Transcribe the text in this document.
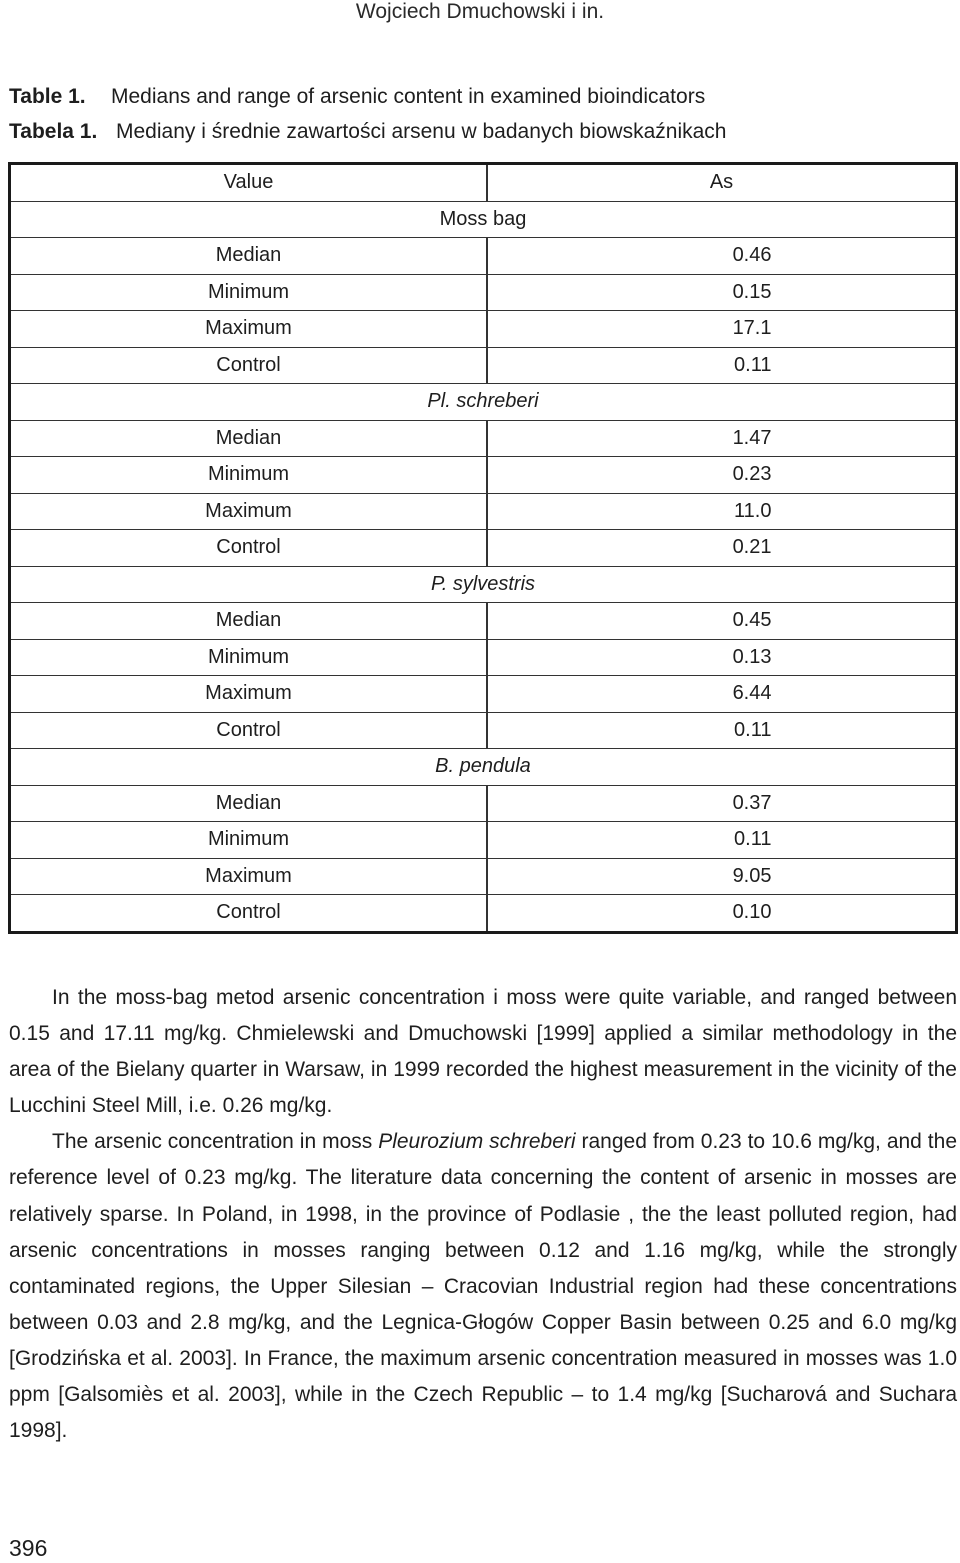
Wojciech Dmuchowski i in.
Table 1. Medians and range of arsenic content in examined bioindicators
Tabela 1. Mediany i średnie zawartości arsenu w badanych biowskaźnikach
Value	As
Moss bag	
Median	0.46
Minimum	0.15
Maximum	17.1
Control	0.11
Pl. schreberi	
Median	1.47
Minimum	0.23
Maximum	11.0
Control	0.21
P. sylvestris	
Median	0.45
Minimum	0.13
Maximum	6.44
Control	0.11
B. pendula	
Median	0.37
Minimum	0.11
Maximum	9.05
Control	0.10

In the moss-bag metod arsenic concentration i moss were quite variable, and ranged between 0.15 and 17.11 mg/kg. Chmielewski and Dmuchowski [1999] applied a similar methodology in the area of the Bielany quarter in Warsaw, in 1999 recorded the highest measurement in the vicinity of the Lucchini Steel Mill, i.e. 0.26 mg/kg.

The arsenic concentration in moss Pleurozium schreberi ranged from 0.23 to 10.6 mg/kg, and the reference level of 0.23 mg/kg. The literature data concerning the content of arsenic in mosses are relatively sparse. In Poland, in 1998, in the province of Podlasie , the the least polluted region, had arsenic concentrations in mosses ranging between 0.12 and 1.16 mg/kg, while the strongly contaminated regions, the Upper Silesian – Cracovian Industrial region had these concentrations between 0.03 and 2.8 mg/kg, and the Legnica-Głogów Copper Basin between 0.25 and 6.0 mg/kg [Grodzińska et al. 2003]. In France, the maximum arsenic concentration measured in mosses was 1.0 ppm [Galsomiès et al. 2003], while in the Czech Republic – to 1.4 mg/kg [Sucharová and Suchara 1998].

396
